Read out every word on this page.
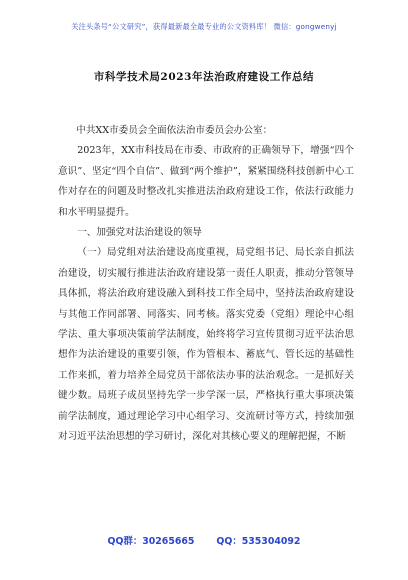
关注头条号“公文研究”，获得最新最全最专业的公文资料库！ 微信：gongwenyj
市科学技术局2023年法治政府建设工作总结

中共XX市委员会全面依法治市委员会办公室：

2023年，XX市科技局在市委、市政府的正确领导下，增强“四个意识”、坚定“四个自信”、做到“两个维护”，紧紧围绕科技创新中心工作对存在的问题及时整改扎实推进法治政府建设工作，依法行政能力和水平明显提升。

一、加强党对法治建设的领导

（一）局党组对法治建设高度重视，局党组书记、局长亲自抓法治建设，切实履行推进法治政府建设第一责任人职责，推动分管领导具体抓，将法治政府建设融入到科技工作全局中，坚持法治政府建设与其他工作同部署、同落实、同考核。落实党委（党组）理论中心组学法、重大事项决策前学法制度，始终将学习宣传贯彻习近平法治思想作为法治建设的重要引领，作为管根本、蓄底气、管长远的基础性工作来抓，着力培养全局党员干部依法办事的法治观念。一是抓好关键少数。局班子成员坚持先学一步学深一层，严格执行重大事项决策前学法制度，通过理论学习中心组学习、交流研讨等方式，持续加强对习近平法治思想的学习研讨，深化对其核心要义的理解把握，不断

QQ群：30265665 QQ：535304092
